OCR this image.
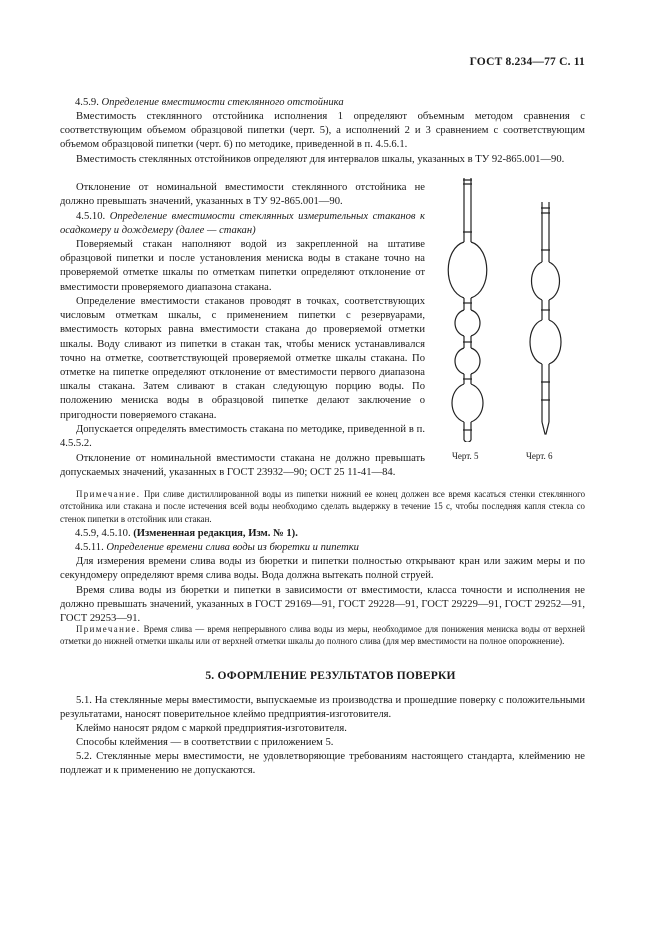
ГОСТ 8.234—77 С. 11

4.5.9. Определение вместимости стеклянного отстойника

Вместимость стеклянного отстойника исполнения 1 определяют объемным методом сравнения с соответствующим объемом образцовой пипетки (черт. 5), а исполнений 2 и 3 сравнением с соответствующим объемом образцовой пипетки (черт. 6) по методике, приведенной в п. 4.5.6.1.

Вместимость стеклянных отстойников определяют для интервалов шкалы, указанных в ТУ 92-865.001—90.

Отклонение от номинальной вместимости стеклянного отстойника не должно превышать значений, указанных в ТУ 92-865.001—90.

4.5.10. Определение вместимости стеклянных измерительных стаканов к осадкомеру и дождемеру (далее — стакан)

Поверяемый стакан наполняют водой из закрепленной на штативе образцовой пипетки и после установления мениска воды в стакане точно на проверяемой отметке шкалы по отметкам пипетки определяют отклонение от вместимости проверяемого диапазона стакана.

Определение вместимости стаканов проводят в точках, соответствующих числовым отметкам шкалы, с применением пипетки с резервуарами, вместимость которых равна вместимости стакана до проверяемой отметки шкалы. Воду сливают из пипетки в стакан так, чтобы мениск устанавливался точно на отметке, соответствующей проверяемой отметке шкалы стакана. По отметке на пипетке определяют отклонение от вместимости первого диапазона шкалы стакана. Затем сливают в стакан следующую порцию воды. По положению мениска воды в образцовой пипетке делают заключение о пригодности поверяемого стакана.

Допускается определять вместимость стакана по методике, приведенной в п. 4.5.5.2.

Отклонение от номинальной вместимости стакана не должно превышать допускаемых значений, указанных в ГОСТ 23932—90; ОСТ 25 11-41—84.

Черт. 5	Черт. 6

Примечание. При сливе дистиллированной воды из пипетки нижний ее конец должен все время касаться стенки стеклянного отстойника или стакана и после истечения всей воды необходимо сделать выдержку в течение 15 с, чтобы последняя капля стекла со стенок пипетки в отстойник или стакан.

4.5.9, 4.5.10. (Измененная редакция, Изм. № 1).

4.5.11. Определение времени слива воды из бюретки и пипетки

Для измерения времени слива воды из бюретки и пипетки полностью открывают кран или зажим меры и по секундомеру определяют время слива воды. Вода должна вытекать полной струей.

Время слива воды из бюретки и пипетки в зависимости от вместимости, класса точности и исполнения не должно превышать значений, указанных в ГОСТ 29169—91, ГОСТ 29228—91, ГОСТ 29229—91, ГОСТ 29252—91, ГОСТ 29253—91.

Примечание. Время слива — время непрерывного слива воды из меры, необходимое для понижения мениска воды от верхней отметки до нижней отметки шкалы или от верхней отметки шкалы до полного слива (для мер вместимости на полное опорожнение).

5. ОФОРМЛЕНИЕ РЕЗУЛЬТАТОВ ПОВЕРКИ

5.1. На стеклянные меры вместимости, выпускаемые из производства и прошедшие поверку с положительными результатами, наносят поверительное клеймо предприятия-изготовителя.

Клеймо наносят рядом с маркой предприятия-изготовителя.

Способы клеймения — в соответствии с приложением 5.

5.2. Стеклянные меры вместимости, не удовлетворяющие требованиям настоящего стандарта, клеймению не подлежат и к применению не допускаются.
